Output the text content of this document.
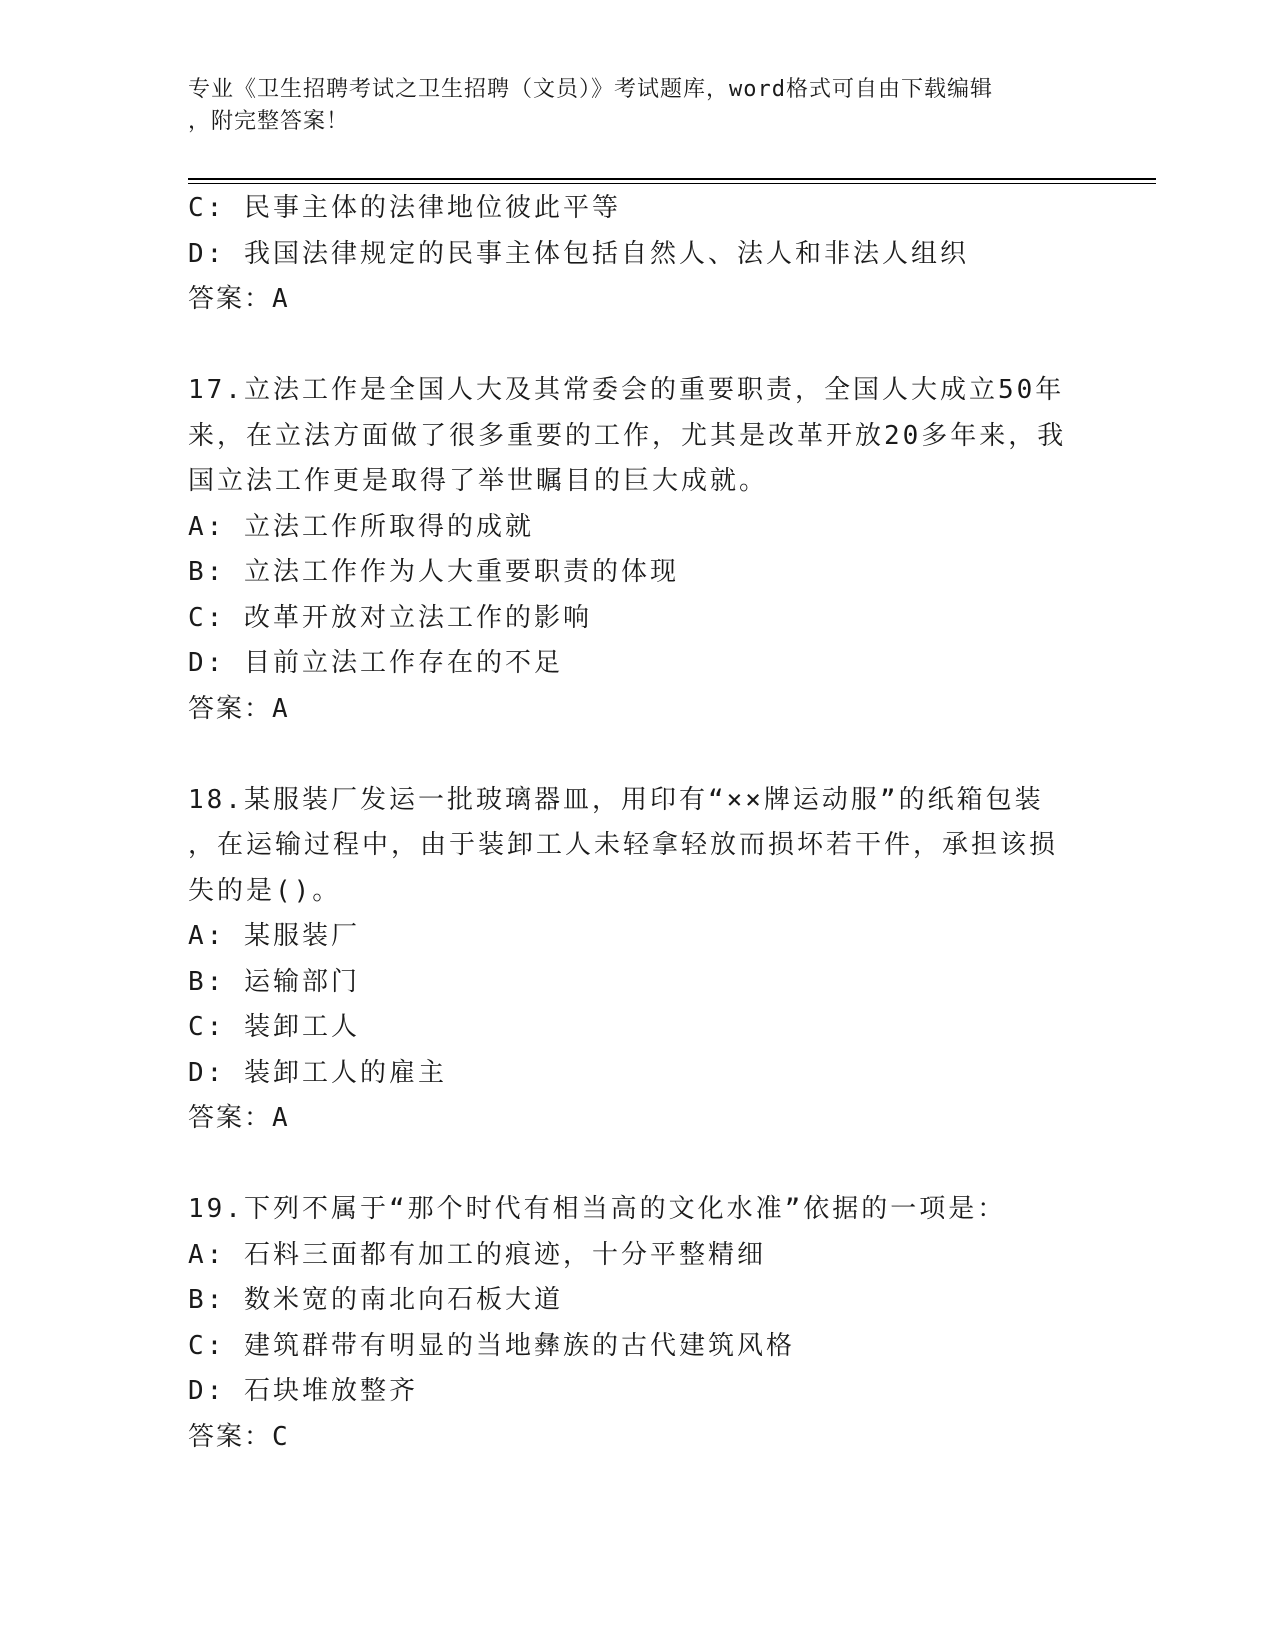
专业《卫生招聘考试之卫生招聘（文员）》考试题库，word格式可自由下载编辑
，附完整答案！
C: 民事主体的法律地位彼此平等
D: 我国法律规定的民事主体包括自然人、法人和非法人组织
答案：A
17.立法工作是全国人大及其常委会的重要职责，全国人大成立50年
来，在立法方面做了很多重要的工作，尤其是改革开放20多年来，我
国立法工作更是取得了举世瞩目的巨大成就。
A: 立法工作所取得的成就
B: 立法工作作为人大重要职责的体现
C: 改革开放对立法工作的影响
D: 目前立法工作存在的不足
答案：A
18.某服装厂发运一批玻璃器皿，用印有“××牌运动服”的纸箱包装
，在运输过程中，由于装卸工人未轻拿轻放而损坏若干件，承担该损
失的是()。
A: 某服装厂
B: 运输部门
C: 装卸工人
D: 装卸工人的雇主
答案：A
19.下列不属于“那个时代有相当高的文化水准”依据的一项是：
A: 石料三面都有加工的痕迹，十分平整精细
B: 数米宽的南北向石板大道
C: 建筑群带有明显的当地彝族的古代建筑风格
D: 石块堆放整齐
答案：C
